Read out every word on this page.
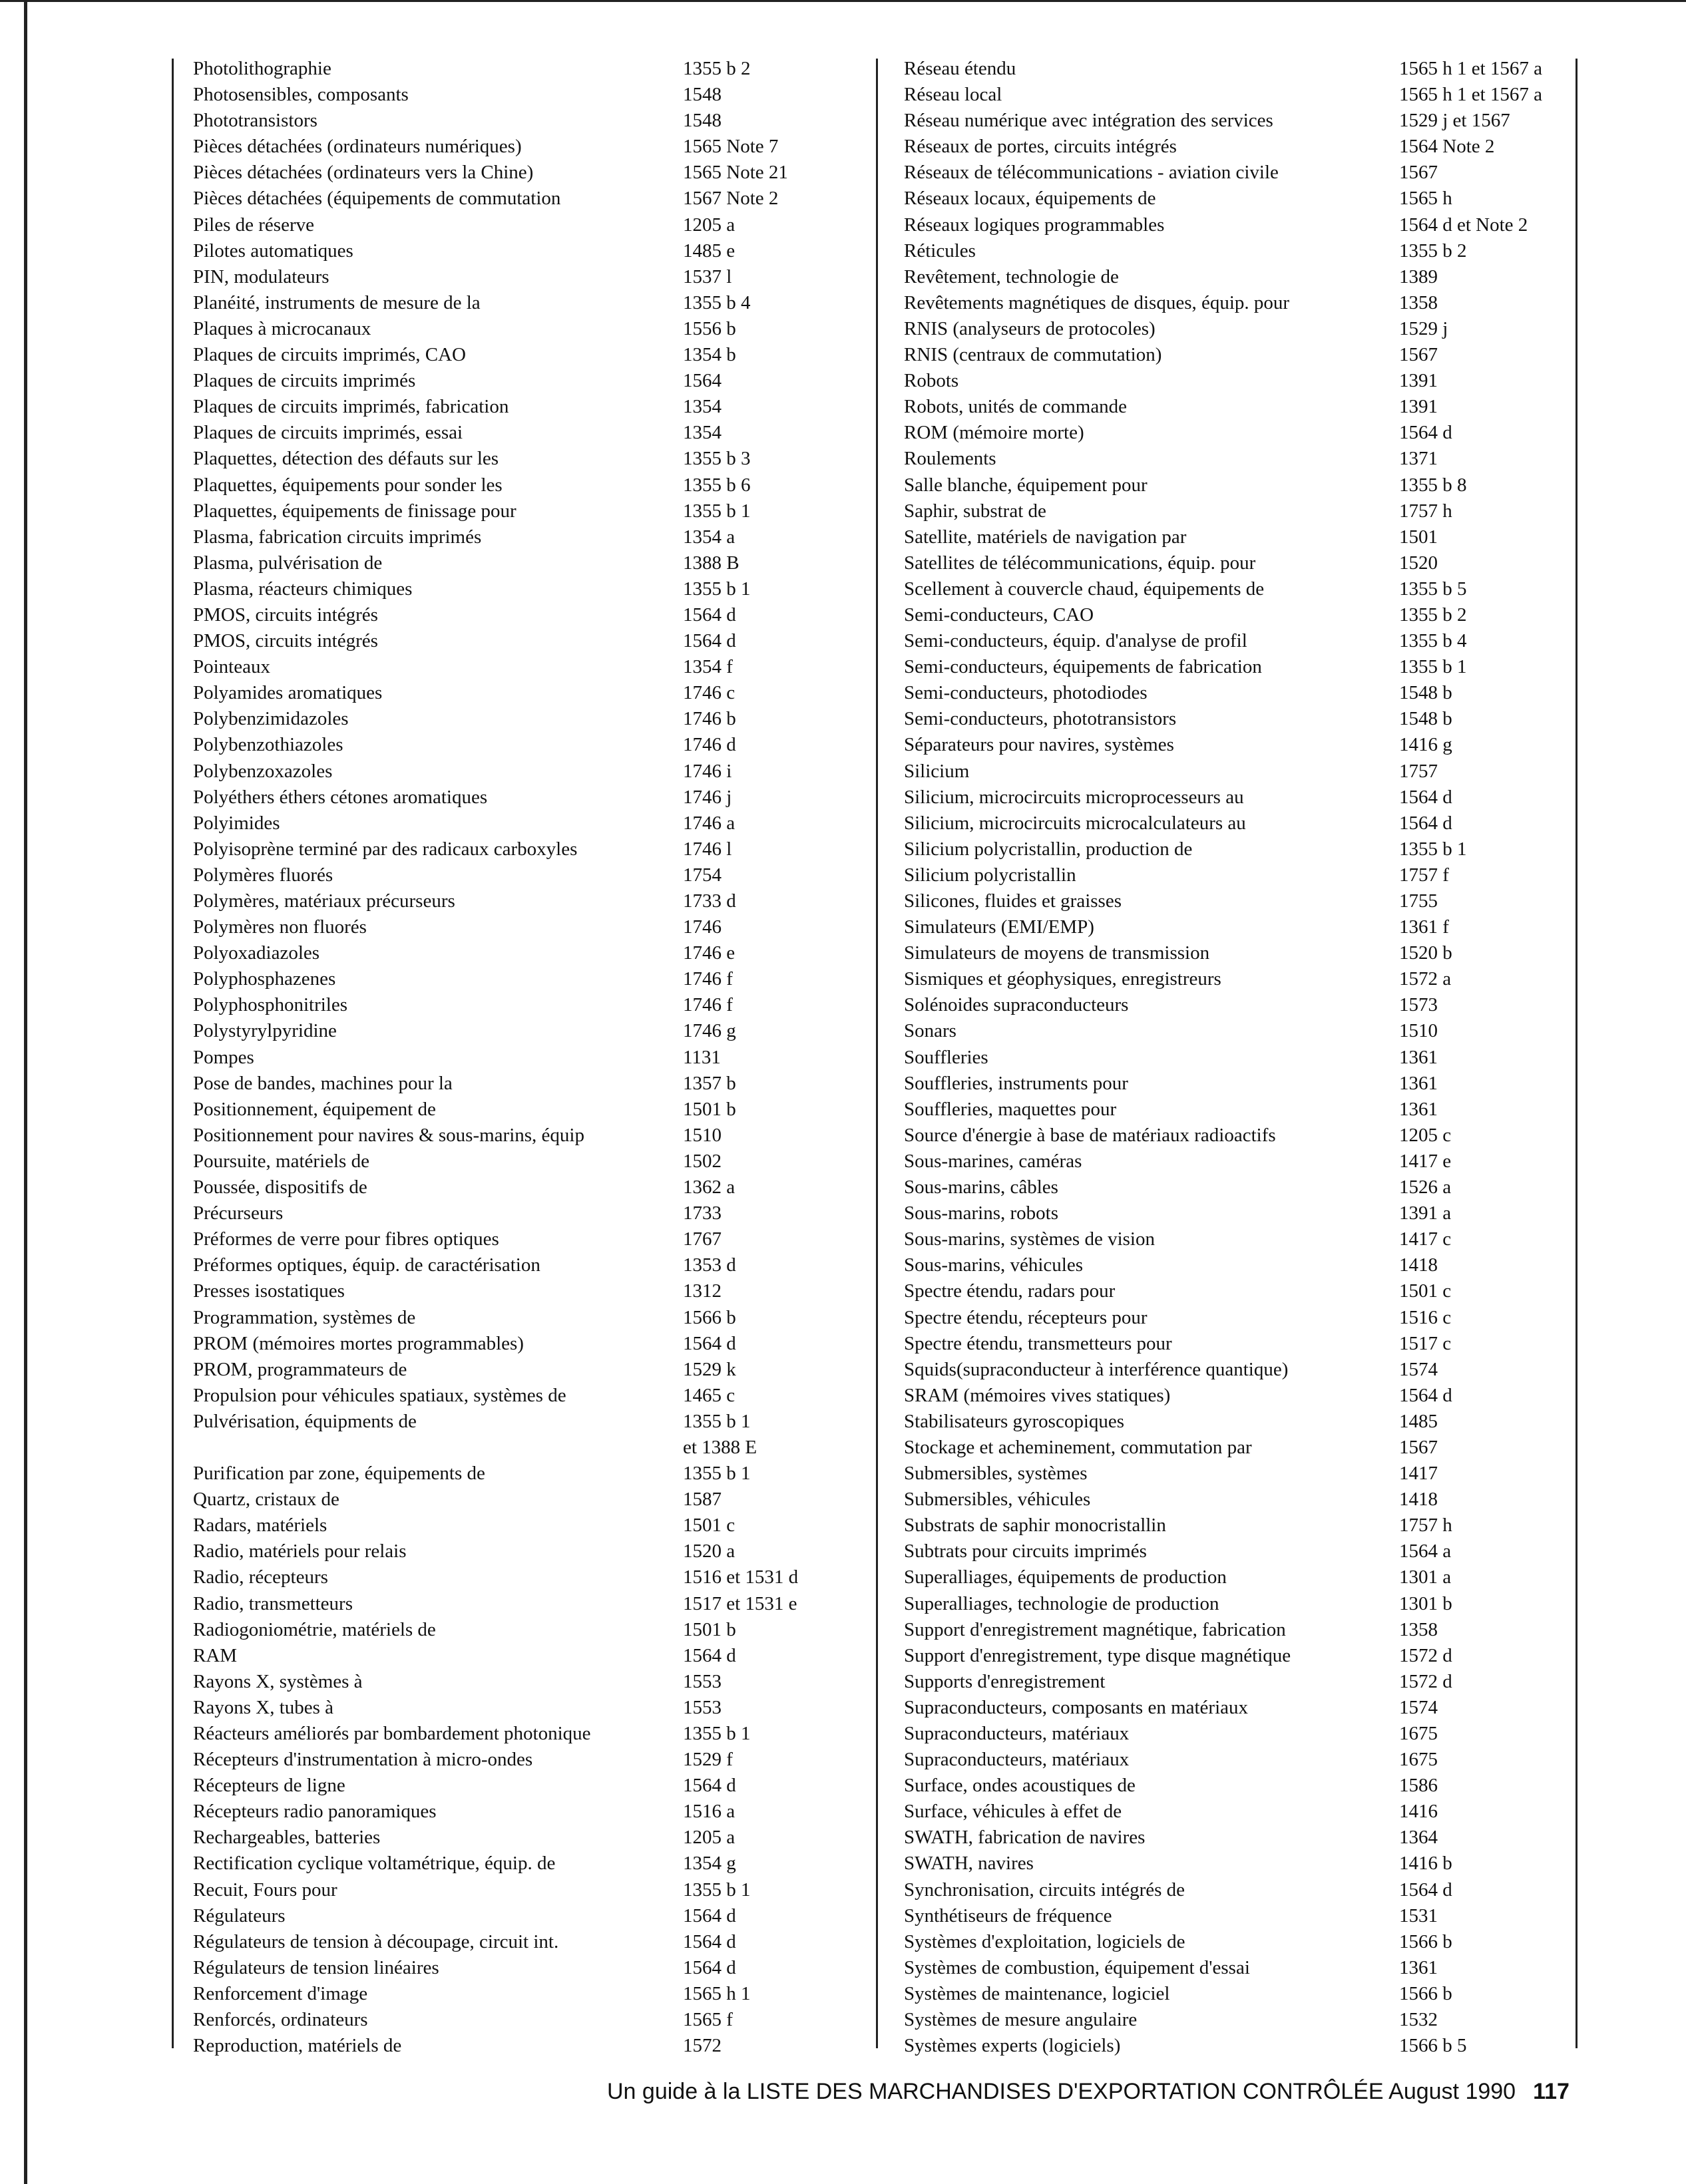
Photolithographie	1355 b 2
Photosensibles, composants	1548
Phototransistors	1548
Pièces détachées (ordinateurs numériques)	1565 Note 7
Pièces détachées (ordinateurs vers la Chine)	1565 Note 21
Pièces détachées (équipements de commutation	1567 Note 2
Piles de réserve	1205 a
Pilotes automatiques	1485 e
PIN, modulateurs	1537 l
Planéité, instruments de mesure de la	1355 b 4
Plaques à microcanaux	1556 b
Plaques de circuits imprimés, CAO	1354 b
Plaques de circuits imprimés	1564
Plaques de circuits imprimés, fabrication	1354
Plaques de circuits imprimés, essai	1354
Plaquettes, détection des défauts sur les	1355 b 3
Plaquettes, équipements pour sonder les	1355 b 6
Plaquettes, équipements de finissage pour	1355 b 1
Plasma, fabrication circuits imprimés	1354 a
Plasma, pulvérisation de	1388 B
Plasma, réacteurs chimiques	1355 b 1
PMOS, circuits intégrés	1564 d
PMOS, circuits intégrés	1564 d
Pointeaux	1354 f
Polyamides aromatiques	1746 c
Polybenzimidazoles	1746 b
Polybenzothiazoles	1746 d
Polybenzoxazoles	1746 i
Polyéthers éthers cétones aromatiques	1746 j
Polyimides	1746 a
Polyisoprène terminé par des radicaux carboxyles	1746 l
Polymères fluorés	1754
Polymères, matériaux précurseurs	1733 d
Polymères non fluorés	1746
Polyoxadiazoles	1746 e
Polyphosphazenes	1746 f
Polyphosphonitriles	1746 f
Polystyrylpyridine	1746 g
Pompes	1131
Pose de bandes, machines pour la	1357 b
Positionnement, équipement de	1501 b
Positionnement pour navires & sous-marins, équip	1510
Poursuite, matériels de	1502
Poussée, dispositifs de	1362 a
Précurseurs	1733
Préformes de verre pour fibres optiques	1767
Préformes optiques, équip. de caractérisation	1353 d
Presses isostatiques	1312
Programmation, systèmes de	1566 b
PROM (mémoires mortes programmables)	1564 d
PROM, programmateurs de	1529 k
Propulsion pour véhicules spatiaux, systèmes de	1465 c
Pulvérisation, équipments de	1355 b 1
et 1388 E
Purification par zone, équipements de	1355 b 1
Quartz, cristaux de	1587
Radars, matériels	1501 c
Radio, matériels pour relais	1520 a
Radio, récepteurs	1516 et 1531 d
Radio, transmetteurs	1517 et 1531 e
Radiogoniométrie, matériels de	1501 b
RAM	1564 d
Rayons X, systèmes à	1553
Rayons X, tubes à	1553
Réacteurs améliorés par bombardement photonique	1355 b 1
Récepteurs d'instrumentation à micro-ondes	1529 f
Récepteurs de ligne	1564 d
Récepteurs radio panoramiques	1516 a
Rechargeables, batteries	1205 a
Rectification cyclique voltamétrique, équip. de	1354 g
Recuit, Fours pour	1355 b 1
Régulateurs	1564 d
Régulateurs de tension à découpage, circuit int.	1564 d
Régulateurs de tension linéaires	1564 d
Renforcement d'image	1565 h 1
Renforcés, ordinateurs	1565 f
Reproduction, matériels de	1572
Réseau étendu	1565 h 1 et 1567 a
Réseau local	1565 h 1 et 1567 a
Réseau numérique avec intégration des services	1529 j et 1567
Réseaux de portes, circuits intégrés	1564 Note 2
Réseaux de télécommunications - aviation civile	1567
Réseaux locaux, équipements de	1565 h
Réseaux logiques programmables	1564 d et Note 2
Réticules	1355 b 2
Revêtement, technologie de	1389
Revêtements magnétiques de disques, équip. pour	1358
RNIS (analyseurs de protocoles)	1529 j
RNIS (centraux de commutation)	1567
Robots	1391
Robots, unités de commande	1391
ROM (mémoire morte)	1564 d
Roulements	1371
Salle blanche, équipement pour	1355 b 8
Saphir, substrat de	1757 h
Satellite, matériels de navigation par	1501
Satellites de télécommunications, équip. pour	1520
Scellement à couvercle chaud, équipements de	1355 b 5
Semi-conducteurs, CAO	1355 b 2
Semi-conducteurs, équip. d'analyse de profil	1355 b 4
Semi-conducteurs, équipements de fabrication	1355 b 1
Semi-conducteurs, photodiodes	1548 b
Semi-conducteurs, phototransistors	1548 b
Séparateurs pour navires, systèmes	1416 g
Silicium	1757
Silicium, microcircuits microprocesseurs au	1564 d
Silicium, microcircuits microcalculateurs au	1564 d
Silicium polycristallin, production de	1355 b 1
Silicium polycristallin	1757 f
Silicones, fluides et graisses	1755
Simulateurs (EMI/EMP)	1361 f
Simulateurs de moyens de transmission	1520 b
Sismiques et géophysiques, enregistreurs	1572 a
Solénoides supraconducteurs	1573
Sonars	1510
Souffleries	1361
Souffleries, instruments pour	1361
Souffleries, maquettes pour	1361
Source d'énergie à base de matériaux radioactifs	1205 c
Sous-marines, caméras	1417 e
Sous-marins, câbles	1526 a
Sous-marins, robots	1391 a
Sous-marins, systèmes de vision	1417 c
Sous-marins, véhicules	1418
Spectre étendu, radars pour	1501 c
Spectre étendu, récepteurs pour	1516 c
Spectre étendu, transmetteurs pour	1517 c
Squids(supraconducteur à interférence quantique)	1574
SRAM (mémoires vives statiques)	1564 d
Stabilisateurs gyroscopiques	1485
Stockage et acheminement, commutation par	1567
Submersibles, systèmes	1417
Submersibles, véhicules	1418
Substrats de saphir monocristallin	1757 h
Subtrats pour circuits imprimés	1564 a
Superalliages, équipements de production	1301 a
Superalliages, technologie de production	1301 b
Support d'enregistrement magnétique, fabrication	1358
Support d'enregistrement, type disque magnétique	1572 d
Supports d'enregistrement	1572 d
Supraconducteurs, composants en matériaux	1574
Supraconducteurs, matériaux	1675
Supraconducteurs, matériaux	1675
Surface, ondes acoustiques de	1586
Surface, véhicules à effet de	1416
SWATH, fabrication de navires	1364
SWATH, navires	1416 b
Synchronisation, circuits intégrés de	1564 d
Synthétiseurs de fréquence	1531
Systèmes d'exploitation, logiciels de	1566 b
Systèmes de combustion, équipement d'essai	1361
Systèmes de maintenance, logiciel	1566 b
Systèmes de mesure angulaire	1532
Systèmes experts (logiciels)	1566 b 5
Un guide à la LISTE DES MARCHANDISES D'EXPORTATION CONTRÔLÉE August 1990 117
